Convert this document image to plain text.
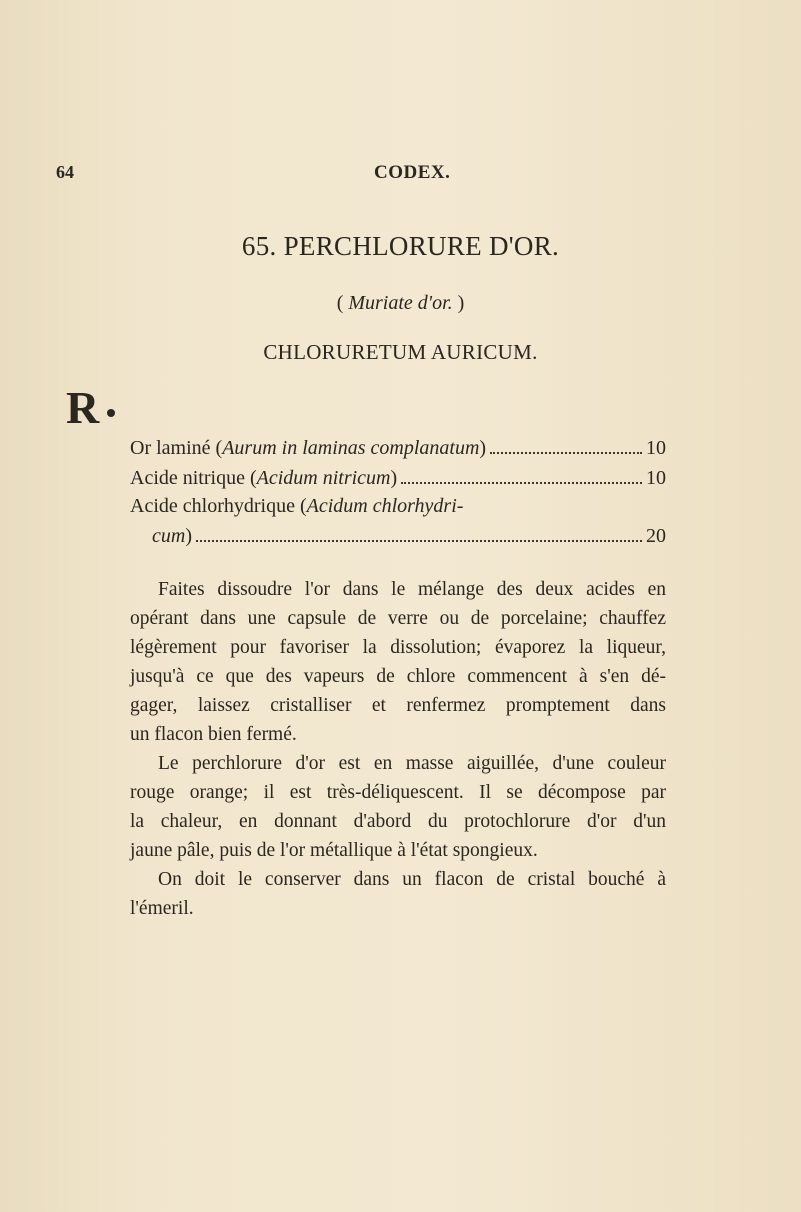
64	CODEX.
65. PERCHLORURE D'OR.
( Muriate d'or. )
CHLORURETUM AURICUM.
R
Or laminé (Aurum in laminas complanatum)	10
Acide nitrique (Acidum nitricum)	10
Acide chlorhydrique (Acidum chlorhydri-
cum)	20
Faites dissoudre l'or dans le mélange des deux acides en
opérant dans une capsule de verre ou de porcelaine; chauffez
légèrement pour favoriser la dissolution; évaporez la liqueur,
jusqu'à ce que des vapeurs de chlore commencent à s'en dé-
gager, laissez cristalliser et renfermez promptement dans
un flacon bien fermé.
Le perchlorure d'or est en masse aiguillée, d'une couleur
rouge orange; il est très-déliquescent. Il se décompose par
la chaleur, en donnant d'abord du protochlorure d'or d'un
jaune pâle, puis de l'or métallique à l'état spongieux.
On doit le conserver dans un flacon de cristal bouché à
l'émeril.
